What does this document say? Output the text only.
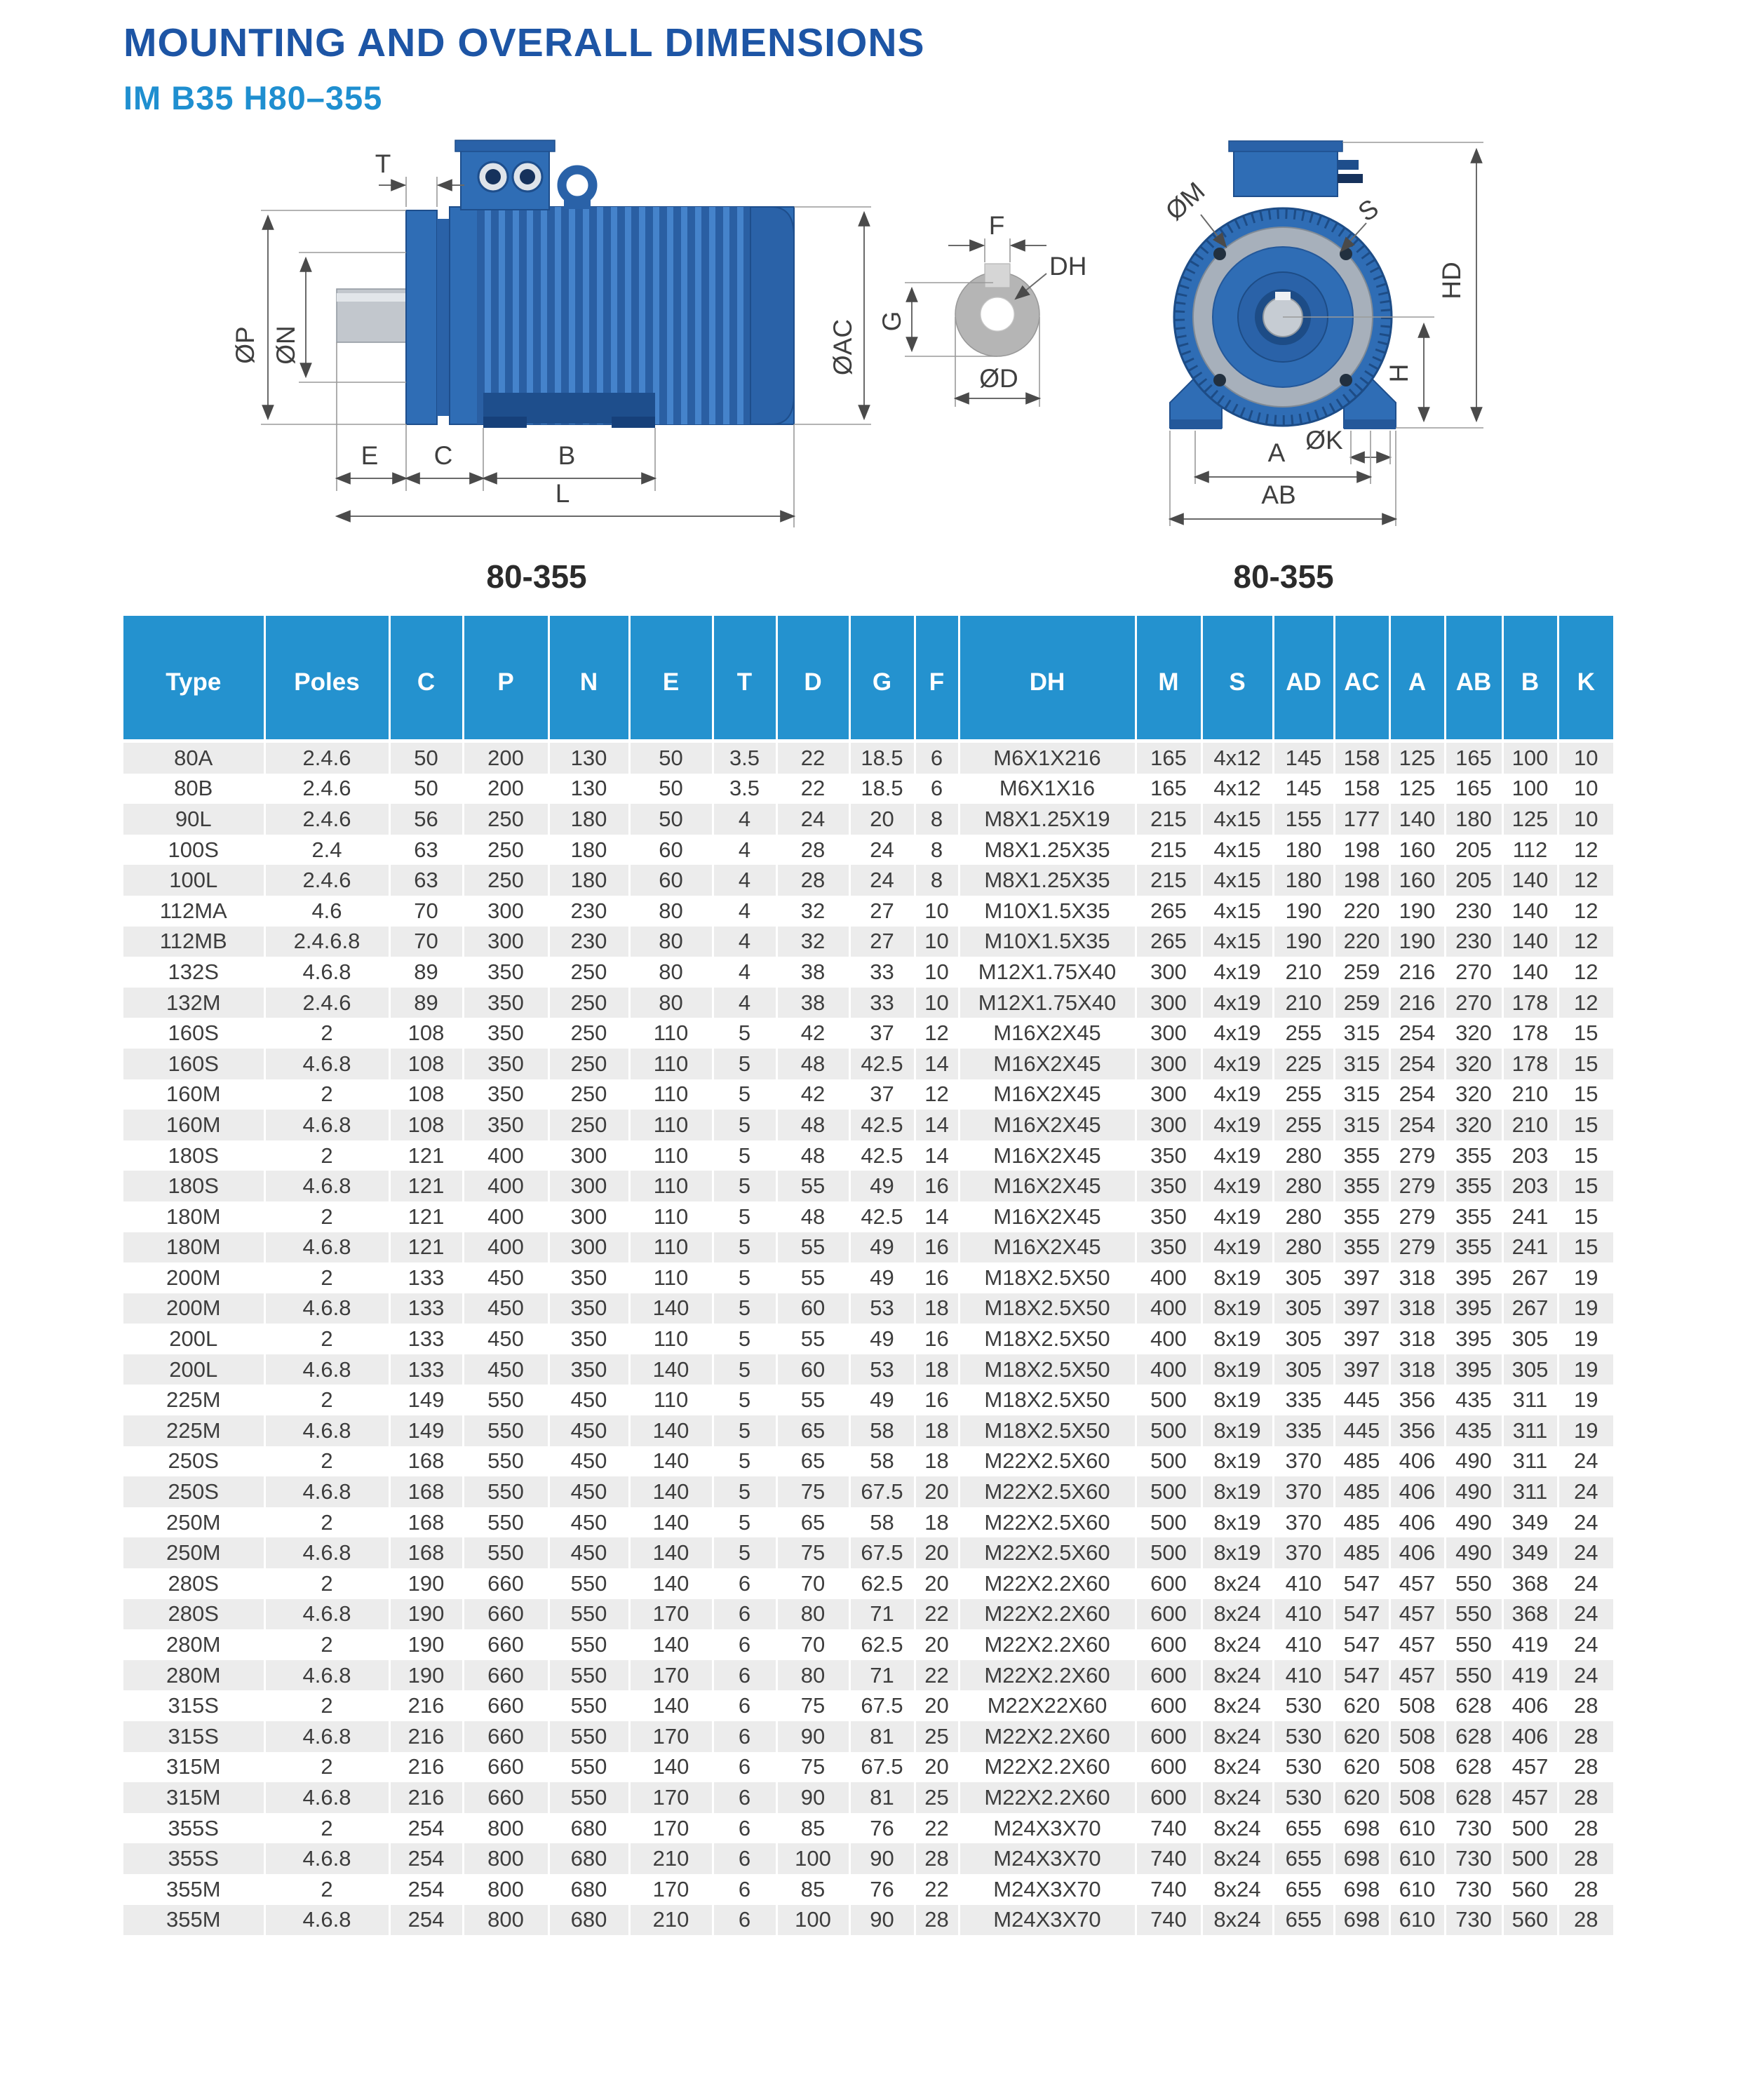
MOUNTING AND OVERALL DIMENSIONS
IM B35 H80–355
T
ØP ØN	ØAC
E C	B
L
F
DH
G
ØD
ØM	S
HD
H
ØK
A
AB
80-355	80-355
Type	Poles	C	P	N	E	T	D	G	F	DH	M	S	AD	AC	A	AB	B	K
80A	2.4.6	50	200	130	50	3.5	22	18.5	6	M6X1X216	165	4x12	145	158	125	165	100	10
80B	2.4.6	50	200	130	50	3.5	22	18.5	6	M6X1X16	165	4x12	145	158	125	165	100	10
90L	2.4.6	56	250	180	50	4	24	20	8	M8X1.25X19	215	4x15	155	177	140	180	125	10
100S	2.4	63	250	180	60	4	28	24	8	M8X1.25X35	215	4x15	180	198	160	205	112	12
100L	2.4.6	63	250	180	60	4	28	24	8	M8X1.25X35	215	4x15	180	198	160	205	140	12
112MA	4.6	70	300	230	80	4	32	27	10	M10X1.5X35	265	4x15	190	220	190	230	140	12
112MB	2.4.6.8	70	300	230	80	4	32	27	10	M10X1.5X35	265	4x15	190	220	190	230	140	12
132S	4.6.8	89	350	250	80	4	38	33	10	M12X1.75X40	300	4x19	210	259	216	270	140	12
132M	2.4.6	89	350	250	80	4	38	33	10	M12X1.75X40	300	4x19	210	259	216	270	178	12
160S	2	108	350	250	110	5	42	37	12	M16X2X45	300	4x19	255	315	254	320	178	15
160S	4.6.8	108	350	250	110	5	48	42.5	14	M16X2X45	300	4x19	225	315	254	320	178	15
160M	2	108	350	250	110	5	42	37	12	M16X2X45	300	4x19	255	315	254	320	210	15
160M	4.6.8	108	350	250	110	5	48	42.5	14	M16X2X45	300	4x19	255	315	254	320	210	15
180S	2	121	400	300	110	5	48	42.5	14	M16X2X45	350	4x19	280	355	279	355	203	15
180S	4.6.8	121	400	300	110	5	55	49	16	M16X2X45	350	4x19	280	355	279	355	203	15
180M	2	121	400	300	110	5	48	42.5	14	M16X2X45	350	4x19	280	355	279	355	241	15
180M	4.6.8	121	400	300	110	5	55	49	16	M16X2X45	350	4x19	280	355	279	355	241	15
200M	2	133	450	350	110	5	55	49	16	M18X2.5X50	400	8x19	305	397	318	395	267	19
200M	4.6.8	133	450	350	140	5	60	53	18	M18X2.5X50	400	8x19	305	397	318	395	267	19
200L	2	133	450	350	110	5	55	49	16	M18X2.5X50	400	8x19	305	397	318	395	305	19
200L	4.6.8	133	450	350	140	5	60	53	18	M18X2.5X50	400	8x19	305	397	318	395	305	19
225M	2	149	550	450	110	5	55	49	16	M18X2.5X50	500	8x19	335	445	356	435	311	19
225M	4.6.8	149	550	450	140	5	65	58	18	M18X2.5X50	500	8x19	335	445	356	435	311	19
250S	2	168	550	450	140	5	65	58	18	M22X2.5X60	500	8x19	370	485	406	490	311	24
250S	4.6.8	168	550	450	140	5	75	67.5	20	M22X2.5X60	500	8x19	370	485	406	490	311	24
250M	2	168	550	450	140	5	65	58	18	M22X2.5X60	500	8x19	370	485	406	490	349	24
250M	4.6.8	168	550	450	140	5	75	67.5	20	M22X2.5X60	500	8x19	370	485	406	490	349	24
280S	2	190	660	550	140	6	70	62.5	20	M22X2.2X60	600	8x24	410	547	457	550	368	24
280S	4.6.8	190	660	550	170	6	80	71	22	M22X2.2X60	600	8x24	410	547	457	550	368	24
280M	2	190	660	550	140	6	70	62.5	20	M22X2.2X60	600	8x24	410	547	457	550	419	24
280M	4.6.8	190	660	550	170	6	80	71	22	M22X2.2X60	600	8x24	410	547	457	550	419	24
315S	2	216	660	550	140	6	75	67.5	20	M22X22X60	600	8x24	530	620	508	628	406	28
315S	4.6.8	216	660	550	170	6	90	81	25	M22X2.2X60	600	8x24	530	620	508	628	406	28
315M	2	216	660	550	140	6	75	67.5	20	M22X2.2X60	600	8x24	530	620	508	628	457	28
315M	4.6.8	216	660	550	170	6	90	81	25	M22X2.2X60	600	8x24	530	620	508	628	457	28
355S	2	254	800	680	170	6	85	76	22	M24X3X70	740	8x24	655	698	610	730	500	28
355S	4.6.8	254	800	680	210	6	100	90	28	M24X3X70	740	8x24	655	698	610	730	500	28
355M	2	254	800	680	170	6	85	76	22	M24X3X70	740	8x24	655	698	610	730	560	28
355M	4.6.8	254	800	680	210	6	100	90	28	M24X3X70	740	8x24	655	698	610	730	560	28
